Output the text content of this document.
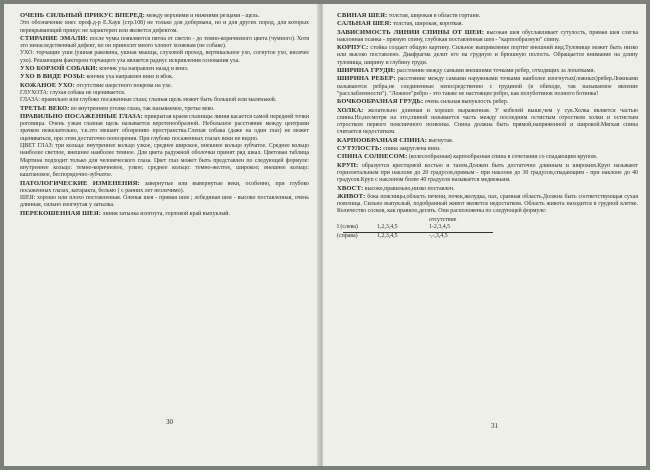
ОЧЕНЬ СИЛЬНЫЙ ПРИКУС ВПЕРЕД: между верхними и нижними резцами - щель.

Это обозначение внес проф.д-р Е.Хаук (стр.108) не только для добермана, но и для других пород, для которых перекрывающий прикус не характерен или является дефектом.

СТИРАНИЕ ЭМАЛИ: после чумы появляются пятна от светло - до темно-коричневого цвета (чумного). Хотя это ненаследственный дефект, но он приносит много хлопот хозяевам (не собаке).

УХО: торчащие уши (ушная раковина, ушная мышца, слуховой проход, вертикальное ухо, согнутое ухо, висячее ухо). Решающим фактором торчащего уха является радиус искривления основания уха.

УХО БОРЗОЙ СОБАКИ: кончик уха направлен назад и вниз.

УХО В ВИДЕ РОЗЫ: кончик уха направлен вниз и вбок.

КОЖАНОЕ УХО: отсутствие шерстного покрова на ухе.

ГЛУХОТА: глухая собака не оценивается.

ГЛАЗА: правильно или глубоко посаженные глаза; глазная щель может быть большой или маленькой.

ТРЕТЬЕ ВЕКО: во внутреннем уголке глаза, так называемое, третье веко.

ПРАВИЛЬНО ПОСАЖЕННЫЕ ГЛАЗА: прикрытая краем глазницы линия касается самой передней точки роговицы. Очень узкая глазная щель называется веретенообразной. Небольшое расстояние между центрами зрачков нежелательно, т.к.это мешает обозрению пространства.Слепая собака (даже на один глаз) не может оцениваться, при этом достаточно попозрения. При глубоко посаженных глазах веки не видно.

ЦВЕТ ГЛАЗ: три кольца: внутреннее кольцо узкое, среднее широкое, внешнее кольцо зубчатое. Среднее кольцо наиболее светлое, внешнее наиболее темное. Для цвета радужной оболочки принят ряд шкал. Цветовая таблица Мартина подходит только для человеческого глаза. Цвет глаз может быть представлен по следующей формуле: внутреннее кольцо: темно-коричневое, узкое; среднее кольцо: темно-желтое, широкое; внешнее кольцо: каштановое, беспорядочно-зубчатое.

ПАТОЛОГИЧЕСКИЕ ИЗМЕНЕНИЯ: завернутые или вывернутые веки, особенно, при глубоко посаженных глазах, катаракта, бельмо ( с ранних лет незлечимо).

ШЕЯ: хорошо или плохо поставленная. Оленья шея - прямая шея ; лебединая шея - высоко поставленная, очень длинная, сильно изогнутая у затылка.

ПЕРЕКОШЕННАЯ ШЕЯ: линия затылка изогнута, горловой край выпуклый.

30

СВИНАЯ ШЕЯ: толстая, широкая в области гортани.

САЛЬНАЯ ШЕЯ: толстая, широкая, короткая.

ЗАВИСИМОСТЬ ЛИНИИ СПИНЫ ОТ ШЕИ: высокая шея обуславливает сутулость, прямая шея слегка наклонная осанка - прямую спину, глубокая поставленная шея - "карпообразную" спину.

КОРПУС: стойка создает общую картину. Сильное выпрямление портит внешний вид.Туловище может быть низко или высоко поставлено. Диафрагма делит его на грудную и брюшную полость. Обращается внимание на длину туловища, ширину и глубину груди.

ШИРИНА ГРУДИ: расстояние между самыми внешними точками ребер, отходящих за лопатками.

ШИРИНА РЕБЕР: расстояние между самыми наружными точками наиболее изогнутых(ложных)ребер.Ложными называются ребра,не соединенные непосредственно с грудиной (в обиходе, так называемое явление "расслабленности"). "Ложное"ребро - это также не настоящее ребро, как полуботинок полного ботинка!

БОЧКООБРАЗНАЯ ГРУДЬ: очень сильная выпуклость ребер.

ХОЛКА: желательно длинная и хорошо выраженная. У кобелей выше,чем у сук.Холка является частью спины.Но,несмотря на это,спиной называется часть между последним остистым отростком холки и остистым отростком первого поясничного позвонка. Спина должна быть прямой,напряженной и широкой.Мягкая спина считается недостатком.

КАРПООБРАЗНАЯ СПИНА: выгнутая.

СУТУЛОСТЬ: спина закруглена вниз.

СПИНА СОЛНЕСОМ: (колесообразная) карпообразная спина в сочетании со спадающим крупом.

КРУП: образуется крестцовой костью и тазом.Должен быть достаточно длинным и широким.Круп называют горизонтальным при наклоне до 20 градусов,прямым - при наклоне до 30 градусов,спадающим - при наклоне до 40 градусов.Круп с наклоном более 40 градусов называется медвежьим.

ХВОСТ: высоко,правильно,низко поставлен.

ЖИВОТ: бока поясницы,область печени, почек,желудка, пах, срамная область.Должна быть соответствующая сухая поясница. Сильно выпуклый, подобранный живот является недостатком. Область живота находится в грудной клетке. Количество сосков, как правило,десять. Они расположены по следующей формуле:

отсутствие
I (слева)	1,2,3,4,5	1-2,3,4,5
(справа)	1,2,3,4,5	-,-,3,4,5
31
